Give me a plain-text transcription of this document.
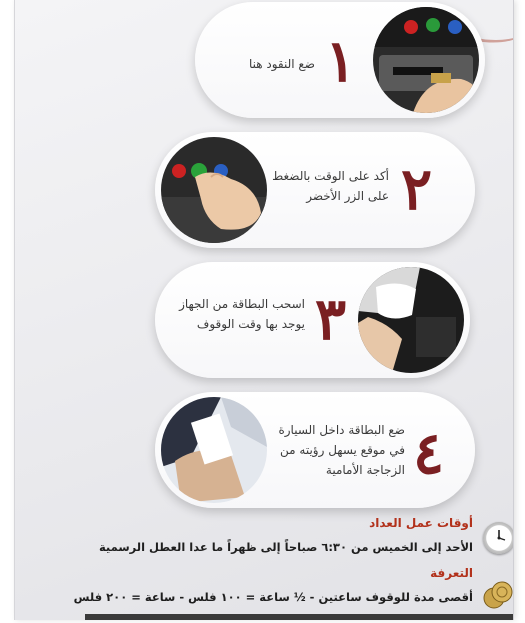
١
ضع النقود هنا
أكد على الوقت بالضغط
على الزر الأخضر ٢
٣
اسحب البطاقة من الجهاز
يوجد بها وقت الوقوف
ضع البطاقة داخل السيارة
في موقع يسهل رؤيته من
الزجاجة الأمامية ٤
أوقات عمل العداد
الأحد إلى الخميس من ٦:٣٠ صباحاً إلى ظهراً ما عدا العطل الرسمية
التعرفة
أقصى مدة للوقوف ساعتين - ½ ساعة = ١٠٠ فلس - ساعة = ٢٠٠ فلس
